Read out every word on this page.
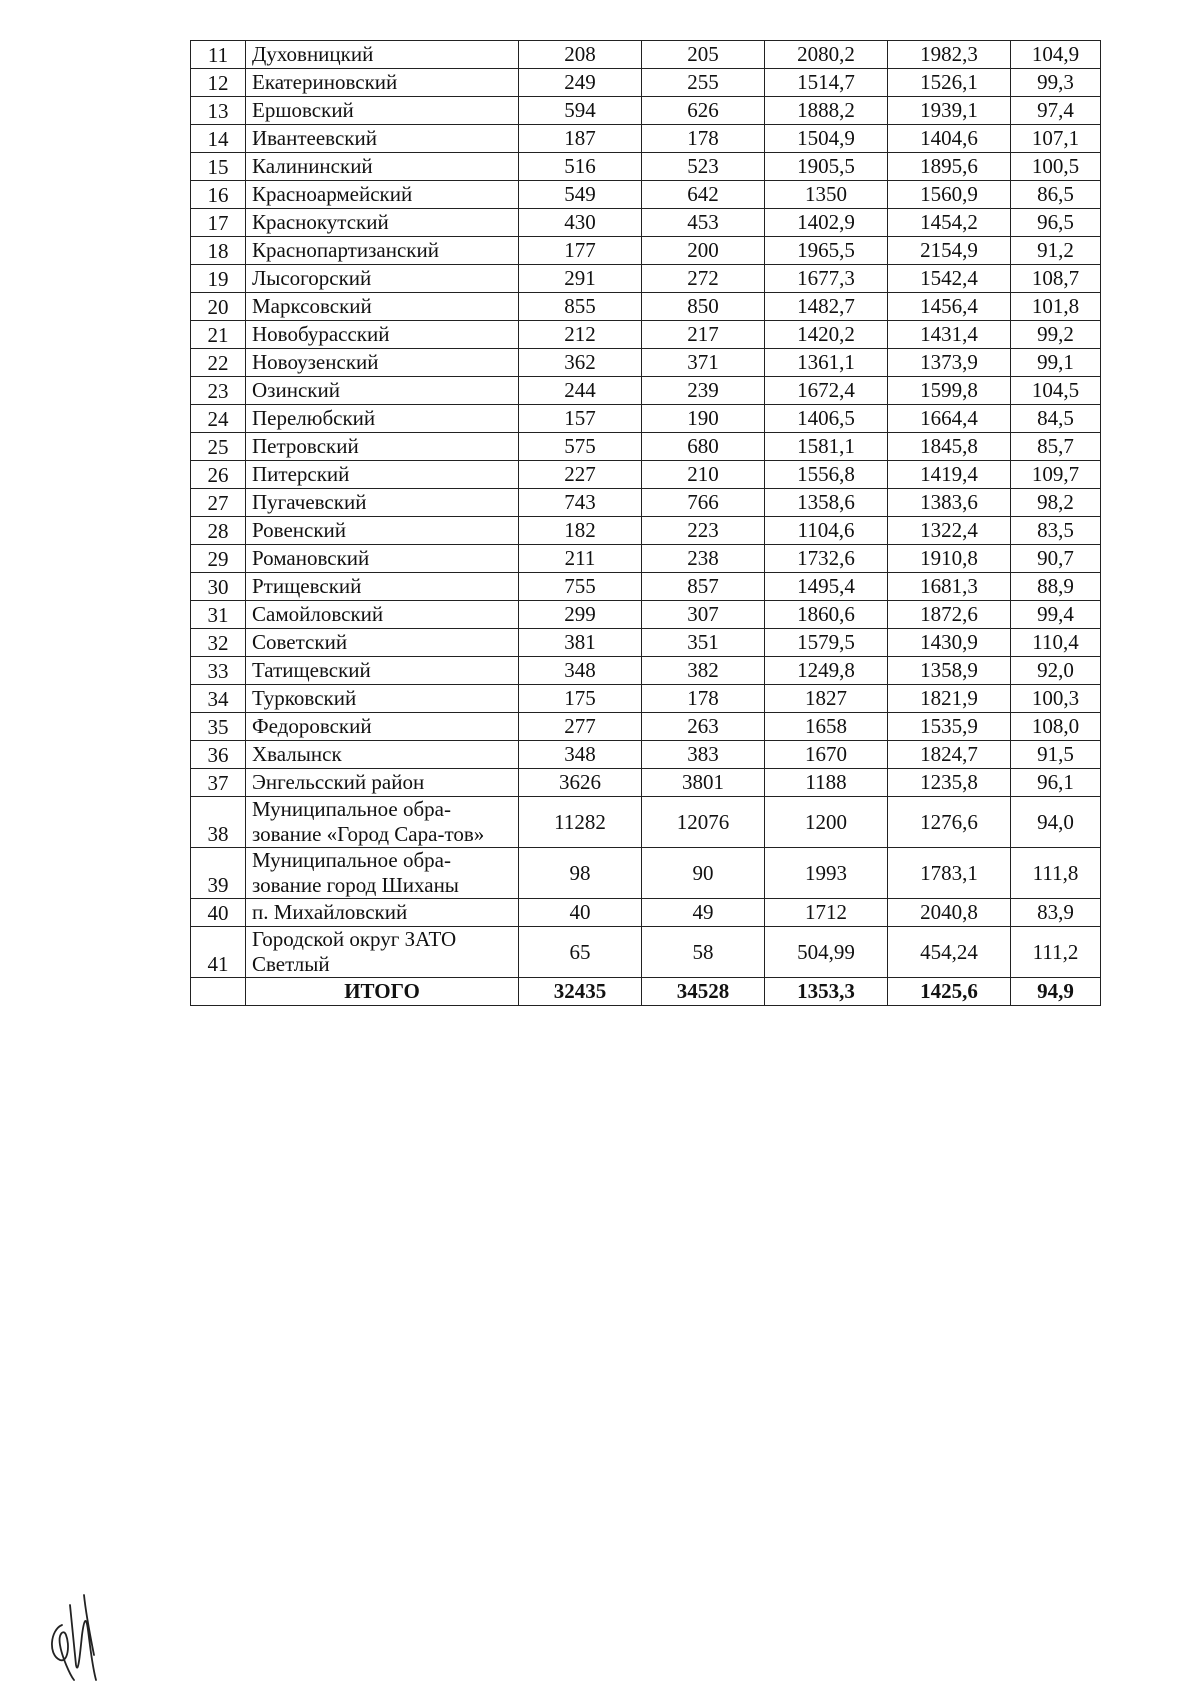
11	Духовницкий	208	205	2080,2	1982,3	104,9
12	Екатериновский	249	255	1514,7	1526,1	99,3
13	Ершовский	594	626	1888,2	1939,1	97,4
14	Ивантеевский	187	178	1504,9	1404,6	107,1
15	Калининский	516	523	1905,5	1895,6	100,5
16	Красноармейский	549	642	1350	1560,9	86,5
17	Краснокутский	430	453	1402,9	1454,2	96,5
18	Краснопартизанский	177	200	1965,5	2154,9	91,2
19	Лысогорский	291	272	1677,3	1542,4	108,7
20	Марксовский	855	850	1482,7	1456,4	101,8
21	Новобурасский	212	217	1420,2	1431,4	99,2
22	Новоузенский	362	371	1361,1	1373,9	99,1
23	Озинский	244	239	1672,4	1599,8	104,5
24	Перелюбский	157	190	1406,5	1664,4	84,5
25	Петровский	575	680	1581,1	1845,8	85,7
26	Питерский	227	210	1556,8	1419,4	109,7
27	Пугачевский	743	766	1358,6	1383,6	98,2
28	Ровенский	182	223	1104,6	1322,4	83,5
29	Романовский	211	238	1732,6	1910,8	90,7
30	Ртищевский	755	857	1495,4	1681,3	88,9
31	Самойловский	299	307	1860,6	1872,6	99,4
32	Советский	381	351	1579,5	1430,9	110,4
33	Татищевский	348	382	1249,8	1358,9	92,0
34	Турковский	175	178	1827	1821,9	100,3
35	Федоровский	277	263	1658	1535,9	108,0
36	Хвалынск	348	383	1670	1824,7	91,5
37	Энгельсский район	3626	3801	1188	1235,8	96,1
38	Муниципальное обра-зование «Город Сара-тов»	11282	12076	1200	1276,6	94,0
39	Муниципальное обра-зование город Шиханы	98	90	1993	1783,1	111,8
40	п. Михайловский	40	49	1712	2040,8	83,9
41	Городской округ ЗАТО Светлый	65	58	504,99	454,24	111,2
	ИТОГО	32435	34528	1353,3	1425,6	94,9
